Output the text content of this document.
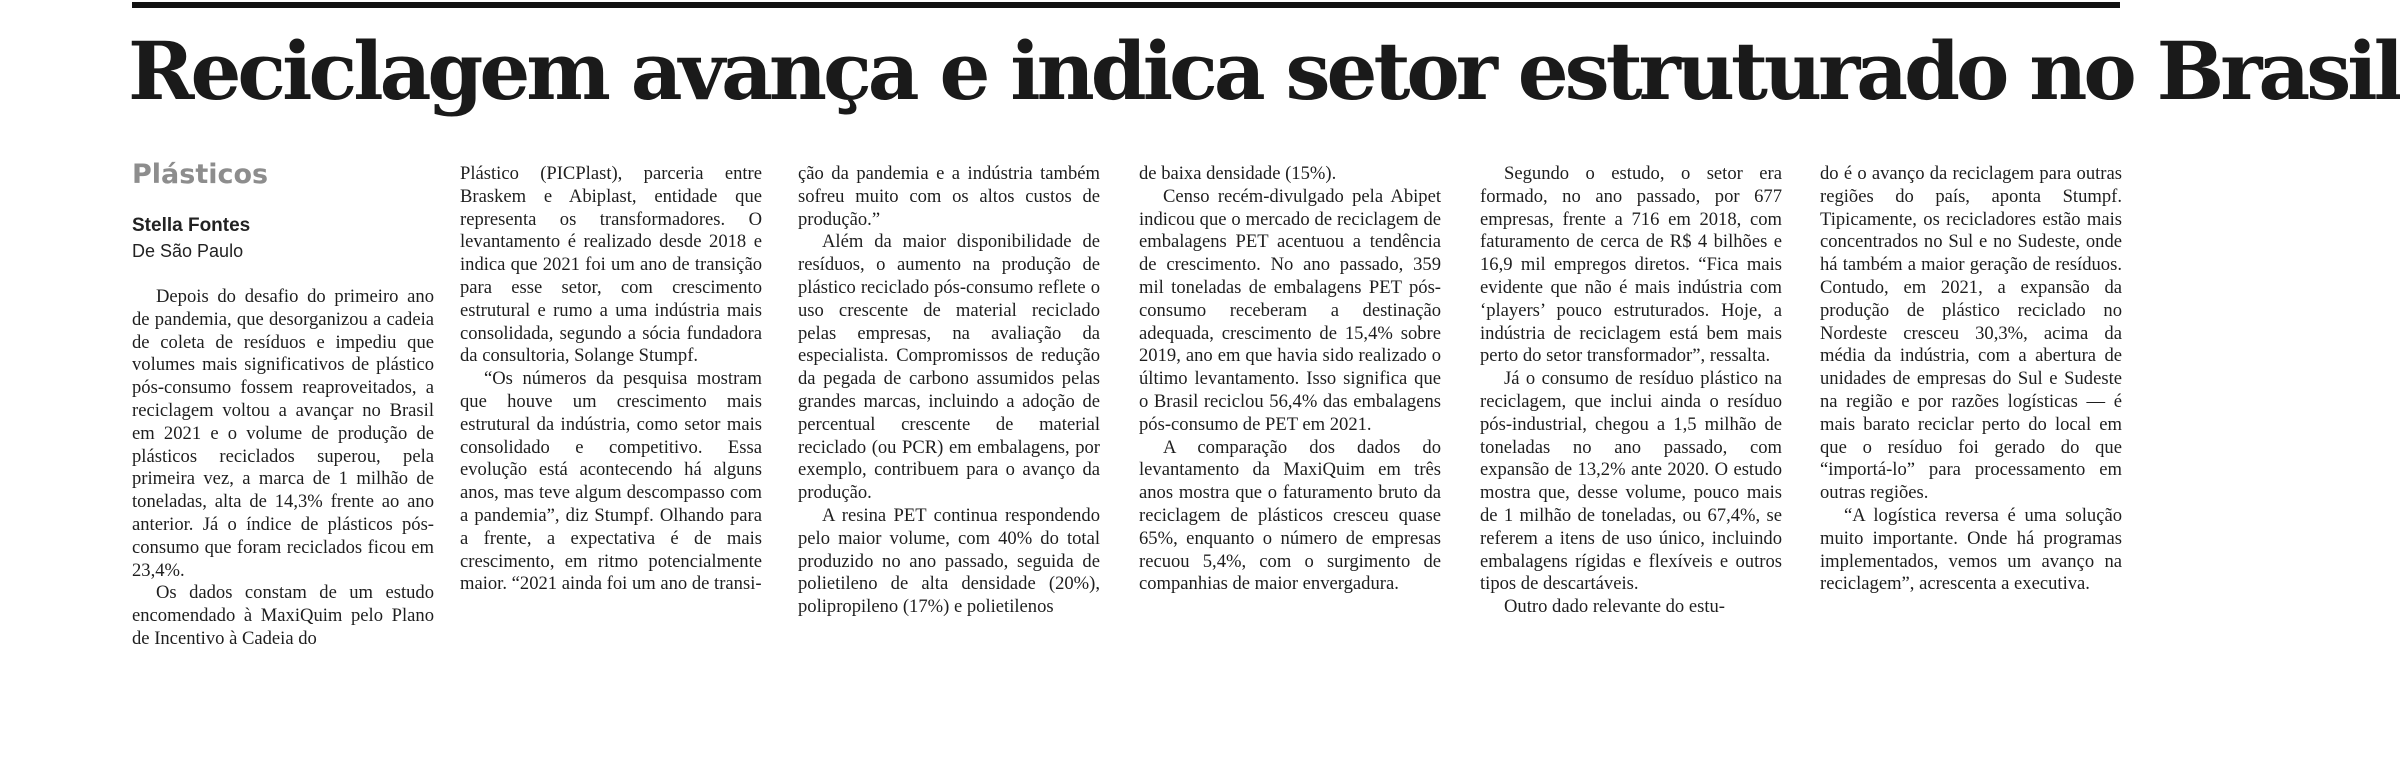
Reciclagem avança e indica setor estruturado no Brasil
Plásticos
Stella Fontes
De São Paulo

Depois do desafio do primeiro ano de pandemia, que desorganizou a cadeia de coleta de resíduos e impediu que volumes mais significativos de plástico pós-consumo fossem reaproveitados, a reciclagem voltou a avançar no Brasil em 2021 e o volume de produção de plásticos reciclados superou, pela primeira vez, a marca de 1 milhão de toneladas, alta de 14,3% frente ao ano anterior. Já o índice de plásticos pós-consumo que foram reciclados ficou em 23,4%.

Os dados constam de um estudo encomendado à MaxiQuim pelo Plano de Incentivo à Cadeia do

Plástico (PICPlast), parceria entre Braskem e Abiplast, entidade que representa os transformadores. O levantamento é realizado desde 2018 e indica que 2021 foi um ano de transição para esse setor, com crescimento estrutural e rumo a uma indústria mais consolidada, segundo a sócia fundadora da consultoria, Solange Stumpf.

“Os números da pesquisa mostram que houve um crescimento mais estrutural da indústria, como setor mais consolidado e competitivo. Essa evolução está acontecendo há alguns anos, mas teve algum descompasso com a pandemia”, diz Stumpf. Olhando para a frente, a expectativa é de mais crescimento, em ritmo potencialmente maior. “2021 ainda foi um ano de transi-

ção da pandemia e a indústria também sofreu muito com os altos custos de produção.”

Além da maior disponibilidade de resíduos, o aumento na produção de plástico reciclado pós-consumo reflete o uso crescente de material reciclado pelas empresas, na avaliação da especialista. Compromissos de redução da pegada de carbono assumidos pelas grandes marcas, incluindo a adoção de percentual crescente de material reciclado (ou PCR) em embalagens, por exemplo, contribuem para o avanço da produção.

A resina PET continua respondendo pelo maior volume, com 40% do total produzido no ano passado, seguida de polietileno de alta densidade (20%), polipropileno (17%) e polietilenos

de baixa densidade (15%).

Censo recém-divulgado pela Abipet indicou que o mercado de reciclagem de embalagens PET acentuou a tendência de crescimento. No ano passado, 359 mil toneladas de embalagens PET pós-consumo receberam a destinação adequada, crescimento de 15,4% sobre 2019, ano em que havia sido realizado o último levantamento. Isso significa que o Brasil reciclou 56,4% das embalagens pós-consumo de PET em 2021.

A comparação dos dados do levantamento da MaxiQuim em três anos mostra que o faturamento bruto da reciclagem de plásticos cresceu quase 65%, enquanto o número de empresas recuou 5,4%, com o surgimento de companhias de maior envergadura.

Segundo o estudo, o setor era formado, no ano passado, por 677 empresas, frente a 716 em 2018, com faturamento de cerca de R$ 4 bilhões e 16,9 mil empregos diretos. “Fica mais evidente que não é mais indústria com ‘players’ pouco estruturados. Hoje, a indústria de reciclagem está bem mais perto do setor transformador”, ressalta.

Já o consumo de resíduo plástico na reciclagem, que inclui ainda o resíduo pós-industrial, chegou a 1,5 milhão de toneladas no ano passado, com expansão de 13,2% ante 2020. O estudo mostra que, desse volume, pouco mais de 1 milhão de toneladas, ou 67,4%, se referem a itens de uso único, incluindo embalagens rígidas e flexíveis e outros tipos de descartáveis.

Outro dado relevante do estu-

do é o avanço da reciclagem para outras regiões do país, aponta Stumpf. Tipicamente, os recicladores estão mais concentrados no Sul e no Sudeste, onde há também a maior geração de resíduos. Contudo, em 2021, a expansão da produção de plástico reciclado no Nordeste cresceu 30,3%, acima da média da indústria, com a abertura de unidades de empresas do Sul e Sudeste na região e por razões logísticas — é mais barato reciclar perto do local em que o resíduo foi gerado do que “importá-lo” para processamento em outras regiões.

“A logística reversa é uma solução muito importante. Onde há programas implementados, vemos um avanço na reciclagem”, acrescenta a executiva.
